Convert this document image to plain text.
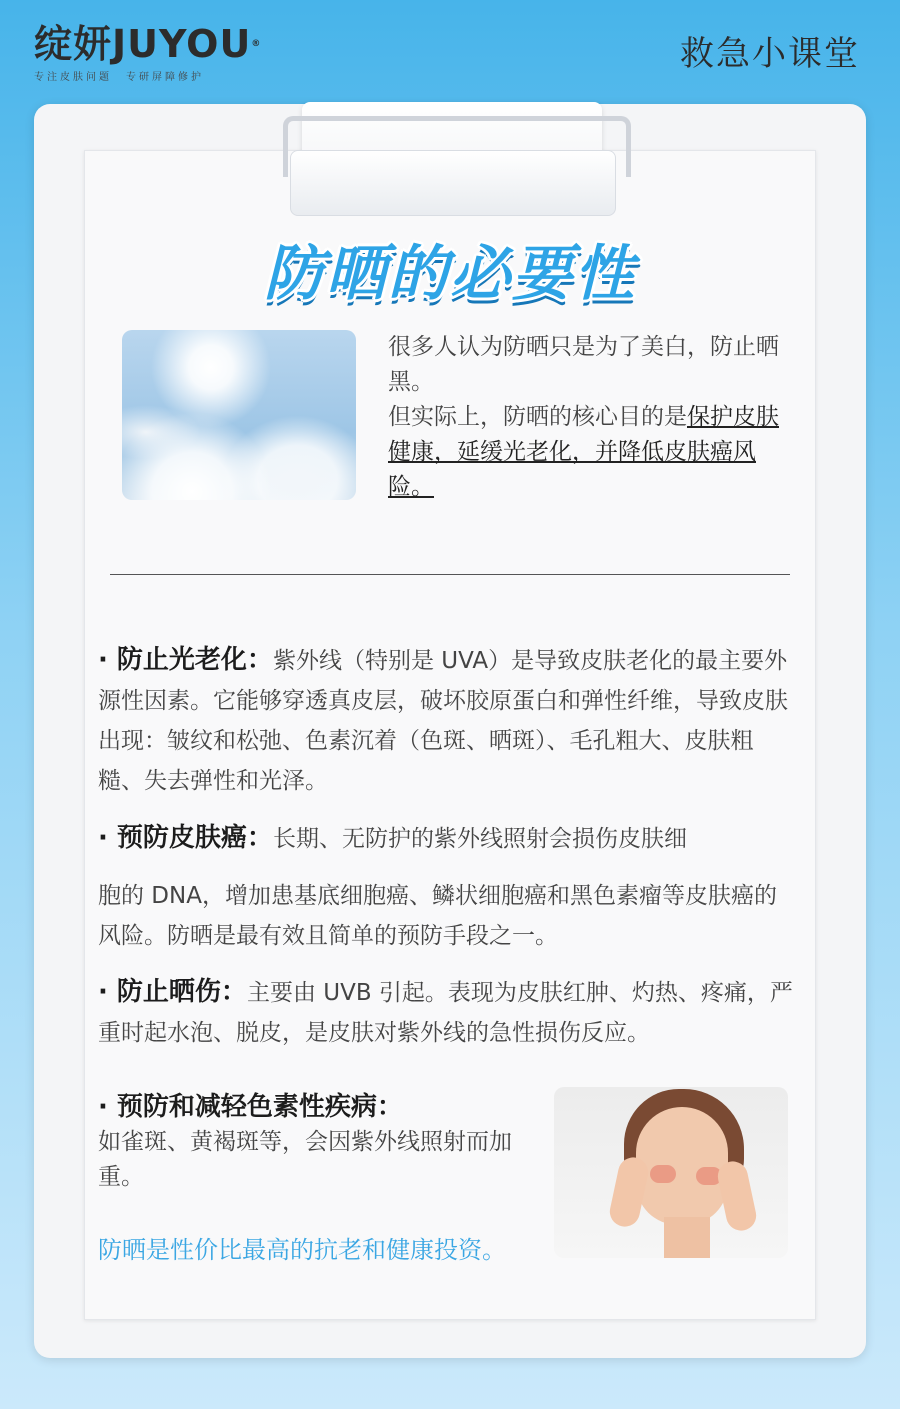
绽妍JUYOU®
专注皮肤问题 专研屏障修护
救急小课堂
防晒的必要性

很多人认为防晒只是为了美白，防止晒黑。

但实际上，防晒的核心目的是保护皮肤健康，延缓光老化，并降低皮肤癌风险。

· 防止光老化：紫外线（特别是 UVA）是导致皮肤老化的最主要外源性因素。它能够穿透真皮层，破坏胶原蛋白和弹性纤维，导致皮肤出现：皱纹和松弛、色素沉着（色斑、晒斑）、毛孔粗大、皮肤粗糙、失去弹性和光泽。
· 预防皮肤癌：长期、无防护的紫外线照射会损伤皮肤细
胞的 DNA，增加患基底细胞癌、鳞状细胞癌和黑色素瘤等皮肤癌的风险。防晒是最有效且简单的预防手段之一。
· 防止晒伤：主要由 UVB 引起。表现为皮肤红肿、灼热、疼痛，严重时起水泡、脱皮，是皮肤对紫外线的急性损伤反应。
· 预防和减轻色素性疾病：
如雀斑、黄褐斑等，会因紫外线照射而加重。
防晒是性价比最高的抗老和健康投资。
